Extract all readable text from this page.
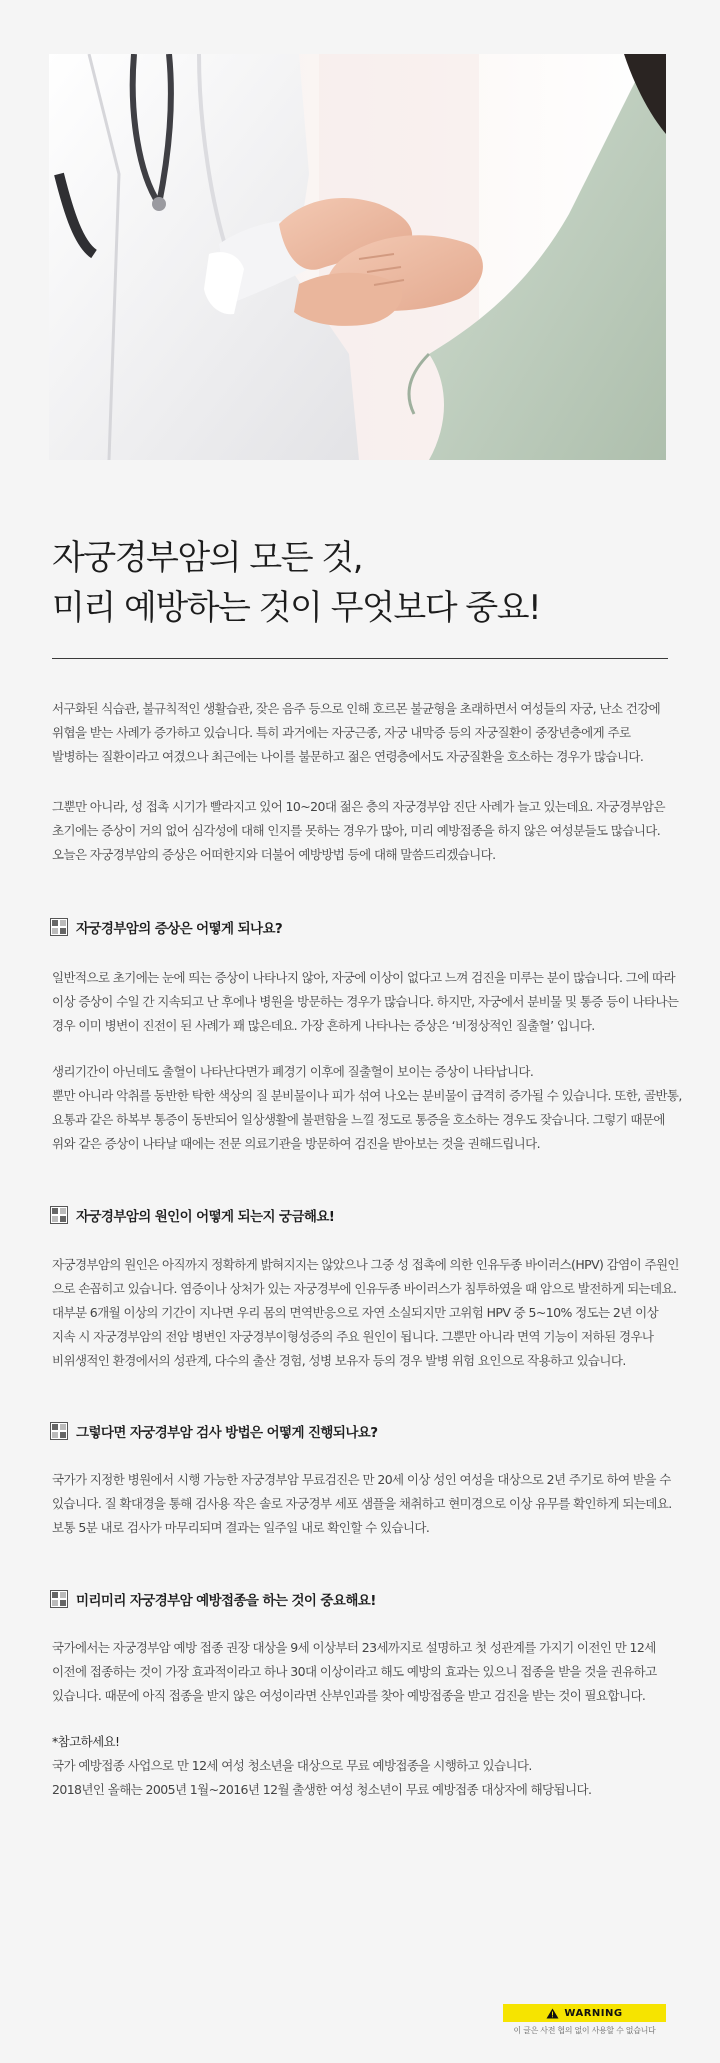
자궁경부암의 모든 것,
미리 예방하는 것이 무엇보다 중요!
서구화된 식습관, 불규칙적인 생활습관, 잦은 음주 등으로 인해 호르몬 불균형을 초래하면서 여성들의 자궁, 난소 건강에
위협을 받는 사례가 증가하고 있습니다. 특히 과거에는 자궁근종, 자궁 내막증 등의 자궁질환이 중장년층에게 주로
발병하는 질환이라고 여겼으나 최근에는 나이를 불문하고 젊은 연령층에서도 자궁질환을 호소하는 경우가 많습니다.
그뿐만 아니라, 성 접촉 시기가 빨라지고 있어 10~20대 젊은 층의 자궁경부암 진단 사례가 늘고 있는데요. 자궁경부암은
초기에는 증상이 거의 없어 심각성에 대해 인지를 못하는 경우가 많아, 미리 예방접종을 하지 않은 여성분들도 많습니다.
오늘은 자궁경부암의 증상은 어떠한지와 더불어 예방방법 등에 대해 말씀드리겠습니다.
자궁경부암의 증상은 어떻게 되나요?
일반적으로 초기에는 눈에 띄는 증상이 나타나지 않아, 자궁에 이상이 없다고 느껴 검진을 미루는 분이 많습니다. 그에 따라
이상 증상이 수일 간 지속되고 난 후에나 병원을 방문하는 경우가 많습니다. 하지만, 자궁에서 분비물 및 통증 등이 나타나는
경우 이미 병변이 진전이 된 사례가 꽤 많은데요. 가장 흔하게 나타나는 증상은 ‘비정상적인 질출혈’ 입니다.
생리기간이 아닌데도 출혈이 나타난다면가 폐경기 이후에 질출혈이 보이는 증상이 나타납니다.
뿐만 아니라 악취를 동반한 탁한 색상의 질 분비물이나 피가 섞여 나오는 분비물이 급격히 증가될 수 있습니다. 또한, 골반통,
요통과 같은 하복부 통증이 동반되어 일상생활에 불편함을 느낄 정도로 통증을 호소하는 경우도 잦습니다. 그렇기 때문에
위와 같은 증상이 나타날 때에는 전문 의료기관을 방문하여 검진을 받아보는 것을 권해드립니다.
자궁경부암의 원인이 어떻게 되는지 궁금해요!
자궁경부암의 원인은 아직까지 정확하게 밝혀지지는 않았으나 그중 성 접촉에 의한 인유두종 바이러스(HPV) 감염이 주원인
으로 손꼽히고 있습니다. 염증이나 상처가 있는 자궁경부에 인유두종 바이러스가 침투하였을 때 암으로 발전하게 되는데요.
대부분 6개월 이상의 기간이 지나면 우리 몸의 면역반응으로 자연 소실되지만 고위험 HPV 중 5~10% 정도는 2년 이상
지속 시 자궁경부암의 전암 병변인 자궁경부이형성증의 주요 원인이 됩니다. 그뿐만 아니라 면역 기능이 저하된 경우나
비위생적인 환경에서의 성관계, 다수의 출산 경험, 성병 보유자 등의 경우 발병 위험 요인으로 작용하고 있습니다.
그렇다면 자궁경부암 검사 방법은 어떻게 진행되나요?
국가가 지정한 병원에서 시행 가능한 자궁경부암 무료검진은 만 20세 이상 성인 여성을 대상으로 2년 주기로 하여 받을 수
있습니다. 질 확대경을 통해 검사용 작은 솔로 자궁경부 세포 샘플을 채취하고 현미경으로 이상 유무를 확인하게 되는데요.
보통 5분 내로 검사가 마무리되며 결과는 일주일 내로 확인할 수 있습니다.
미리미리 자궁경부암 예방접종을 하는 것이 중요해요!
국가에서는 자궁경부암 예방 접종 권장 대상을 9세 이상부터 23세까지로 설명하고 첫 성관계를 가지기 이전인 만 12세
이전에 접종하는 것이 가장 효과적이라고 하나 30대 이상이라고 해도 예방의 효과는 있으니 접종을 받을 것을 권유하고
있습니다. 때문에 아직 접종을 받지 않은 여성이라면 산부인과를 찾아 예방접종을 받고 검진을 받는 것이 필요합니다.
*참고하세요!
국가 예방접종 사업으로 만 12세 여성 청소년을 대상으로 무료 예방접종을 시행하고 있습니다.
2018년인 올해는 2005년 1월~2016년 12월 출생한 여성 청소년이 무료 예방접종 대상자에 해당됩니다.
WARNING
이 글은 사전 협의 없이 사용할 수 없습니다
